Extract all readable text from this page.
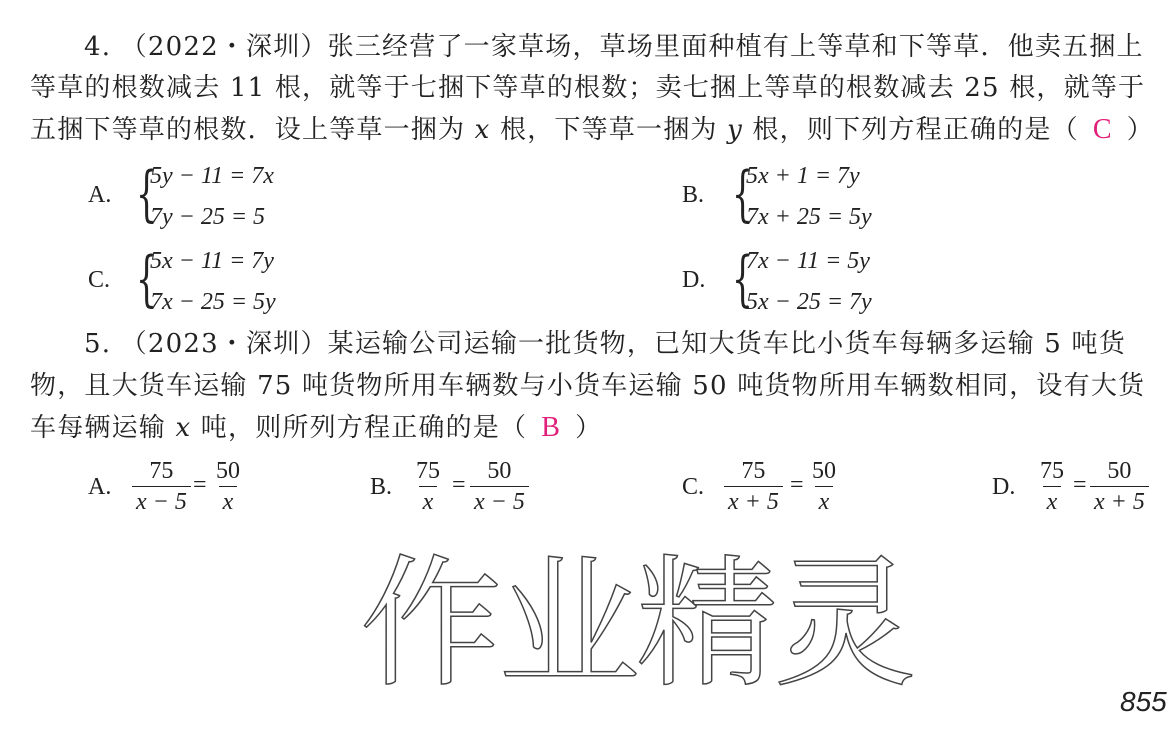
4. （2022・深圳）张三经营了一家草场，草场里面种植有上等草和下等草．他卖五捆上
等草的根数减去 11 根，就等于七捆下等草的根数；卖七捆上等草的根数减去 25 根，就等于
五捆下等草的根数．设上等草一捆为 x 根，下等草一捆为 y 根，则下列方程正确的是（ C ）
A. {
5y − 11 = 7x
7y − 25 = 5
B. {
5x + 1 = 7y
7x + 25 = 5y
C. {
5x − 11 = 7y
7x − 25 = 5y
D. {
7x − 11 = 5y
5x − 25 = 7y
5. （2023・深圳）某运输公司运输一批货物，已知大货车比小货车每辆多运输 5 吨货
物，且大货车运输 75 吨货物所用车辆数与小货车运输 50 吨货物所用车辆数相同，设有大货
车每辆运输 x 吨，则所列方程正确的是（ B ）
A. $\frac{75}{x - 5} = \frac{50}{x}$	B. $\frac{75}{x} = \frac{50}{x - 5}$	C. $\frac{75}{x + 5} = \frac{50}{x}$	D. $\frac{75}{x} = \frac{50}{x + 5}$
作业精灵	855
